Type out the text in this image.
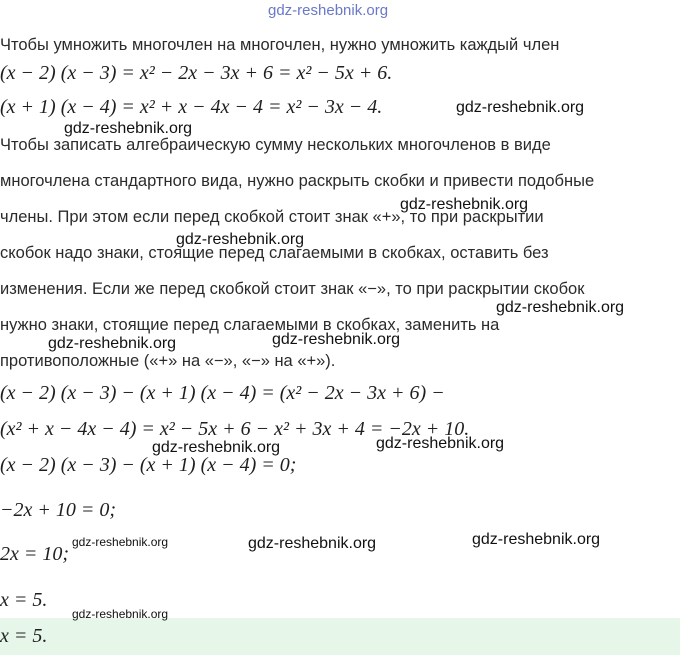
gdz-reshebnik.org
Чтобы умножить многочлен на многочлен, нужно умножить каждый член
(x − 2) (x − 3) = x² − 2x − 3x + 6 = x² − 5x + 6.
(x + 1) (x − 4) = x² + x − 4x − 4 = x² − 3x − 4.	gdz-reshebnik.org
gdz-reshebnik.org
Чтобы записать алгебраическую сумму нескольких многочленов в виде
многочлена стандартного вида, нужно раскрыть скобки и привести подобные
члены. При этом если перед скобкой стоит знак «+», то при раскрытии
скобок надо знаки, стоящие перед слагаемыми в скобках, оставить без
изменения. Если же перед скобкой стоит знак «−», то при раскрытии скобок
нужно знаки, стоящие перед слагаемыми в скобках, заменить на
противоположные («+» на «−», «−» на «+»).
gdz-reshebnik.org
gdz-reshebnik.org
gdz-reshebnik.org
gdz-reshebnik.org	gdz-reshebnik.org
(x − 2) (x − 3) − (x + 1) (x − 4) = (x² − 2x − 3x + 6) −
(x² + x − 4x − 4) = x² − 5x + 6 − x² + 3x + 4 = −2x + 10.
gdz-reshebnik.org	gdz-reshebnik.org
(x − 2) (x − 3) − (x + 1) (x − 4) = 0;
−2x + 10 = 0;
2x = 10;
gdz-reshebnik.org	gdz-reshebnik.org	gdz-reshebnik.org
x = 5.
gdz-reshebnik.org
x = 5.
